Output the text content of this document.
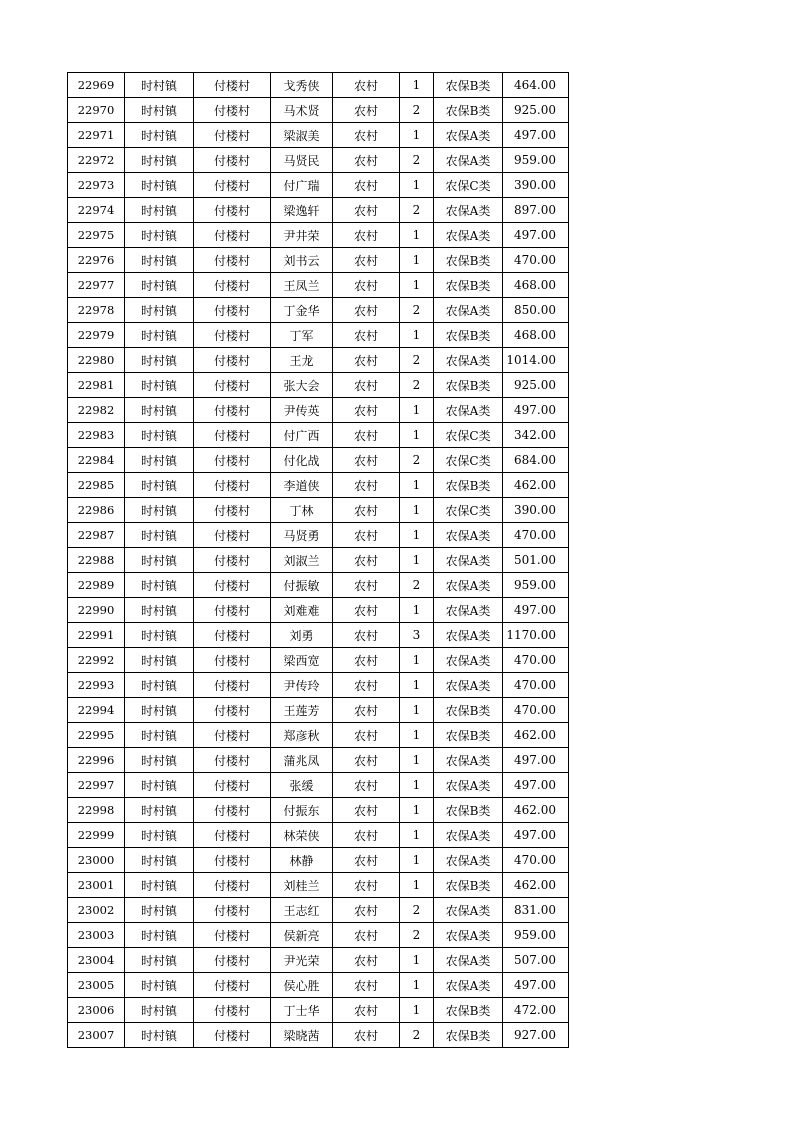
22969	时村镇	付楼村	戈秀侠	农村	1	农保B类	464.00
22970	时村镇	付楼村	马术贤	农村	2	农保B类	925.00
22971	时村镇	付楼村	梁淑美	农村	1	农保A类	497.00
22972	时村镇	付楼村	马贤民	农村	2	农保A类	959.00
22973	时村镇	付楼村	付广瑞	农村	1	农保C类	390.00
22974	时村镇	付楼村	梁逸轩	农村	2	农保A类	897.00
22975	时村镇	付楼村	尹井荣	农村	1	农保A类	497.00
22976	时村镇	付楼村	刘书云	农村	1	农保B类	470.00
22977	时村镇	付楼村	王凤兰	农村	1	农保B类	468.00
22978	时村镇	付楼村	丁金华	农村	2	农保A类	850.00
22979	时村镇	付楼村	丁军	农村	1	农保B类	468.00
22980	时村镇	付楼村	王龙	农村	2	农保A类	1014.00
22981	时村镇	付楼村	张大会	农村	2	农保B类	925.00
22982	时村镇	付楼村	尹传英	农村	1	农保A类	497.00
22983	时村镇	付楼村	付广西	农村	1	农保C类	342.00
22984	时村镇	付楼村	付化战	农村	2	农保C类	684.00
22985	时村镇	付楼村	李道侠	农村	1	农保B类	462.00
22986	时村镇	付楼村	丁林	农村	1	农保C类	390.00
22987	时村镇	付楼村	马贤勇	农村	1	农保A类	470.00
22988	时村镇	付楼村	刘淑兰	农村	1	农保A类	501.00
22989	时村镇	付楼村	付振敏	农村	2	农保A类	959.00
22990	时村镇	付楼村	刘难难	农村	1	农保A类	497.00
22991	时村镇	付楼村	刘勇	农村	3	农保A类	1170.00
22992	时村镇	付楼村	梁西宽	农村	1	农保A类	470.00
22993	时村镇	付楼村	尹传玲	农村	1	农保A类	470.00
22994	时村镇	付楼村	王莲芳	农村	1	农保B类	470.00
22995	时村镇	付楼村	郑彦秋	农村	1	农保B类	462.00
22996	时村镇	付楼村	蒲兆凤	农村	1	农保A类	497.00
22997	时村镇	付楼村	张缓	农村	1	农保A类	497.00
22998	时村镇	付楼村	付振东	农村	1	农保B类	462.00
22999	时村镇	付楼村	林荣侠	农村	1	农保A类	497.00
23000	时村镇	付楼村	林静	农村	1	农保A类	470.00
23001	时村镇	付楼村	刘桂兰	农村	1	农保B类	462.00
23002	时村镇	付楼村	王志红	农村	2	农保A类	831.00
23003	时村镇	付楼村	侯新亮	农村	2	农保A类	959.00
23004	时村镇	付楼村	尹光荣	农村	1	农保A类	507.00
23005	时村镇	付楼村	侯心胜	农村	1	农保A类	497.00
23006	时村镇	付楼村	丁士华	农村	1	农保B类	472.00
23007	时村镇	付楼村	梁晓茜	农村	2	农保B类	927.00
